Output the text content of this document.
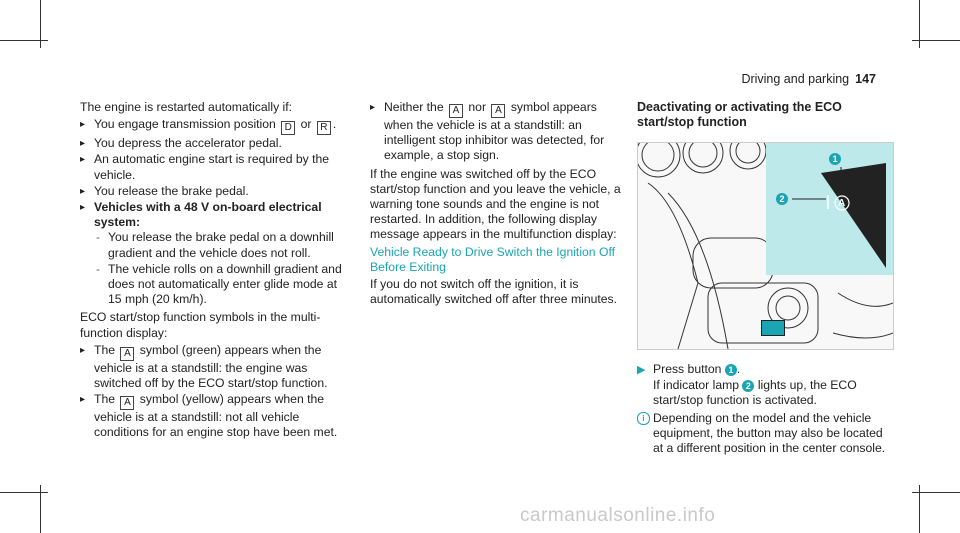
Driving and parking 147

The engine is restarted automatically if:

▸ You engage transmission position D or R .
▸ You depress the accelerator pedal.
▸ An automatic engine start is required by the vehicle.
▸ You release the brake pedal.
▸ Vehicles with a 48 V on-board electrical system:
- You release the brake pedal on a downhill gradient and the vehicle does not roll.
- The vehicle rolls on a downhill gradient and does not automatically enter glide mode at 15 mph (20 km/h).

ECO start/stop function symbols in the multi-function display:

▸ The A symbol (green) appears when the vehicle is at a standstill: the engine was switched off by the ECO start/stop function.
▸ The A symbol (yellow) appears when the vehicle is at a standstill: not all vehicle conditions for an engine stop have been met.
▸ Neither the A nor A symbol appears when the vehicle is at a standstill: an intelligent stop inhibitor was detected, for example, a stop sign.

If the engine was switched off by the ECO start/stop function and you leave the vehicle, a warning tone sounds and the engine is not restarted. In addition, the following display message appears in the multifunction display:

Vehicle Ready to Drive Switch the Ignition Off Before Exiting

If you do not switch off the ignition, it is automatically switched off after three minutes.

Deactivating or activating the ECO start/stop function
1
2	A
▶ Press button 1 .
If indicator lamp 2 lights up, the ECO start/stop function is activated.
i Depending on the model and the vehicle equipment, the button may also be located at a different position in the center console.
carmanualsonline.info
